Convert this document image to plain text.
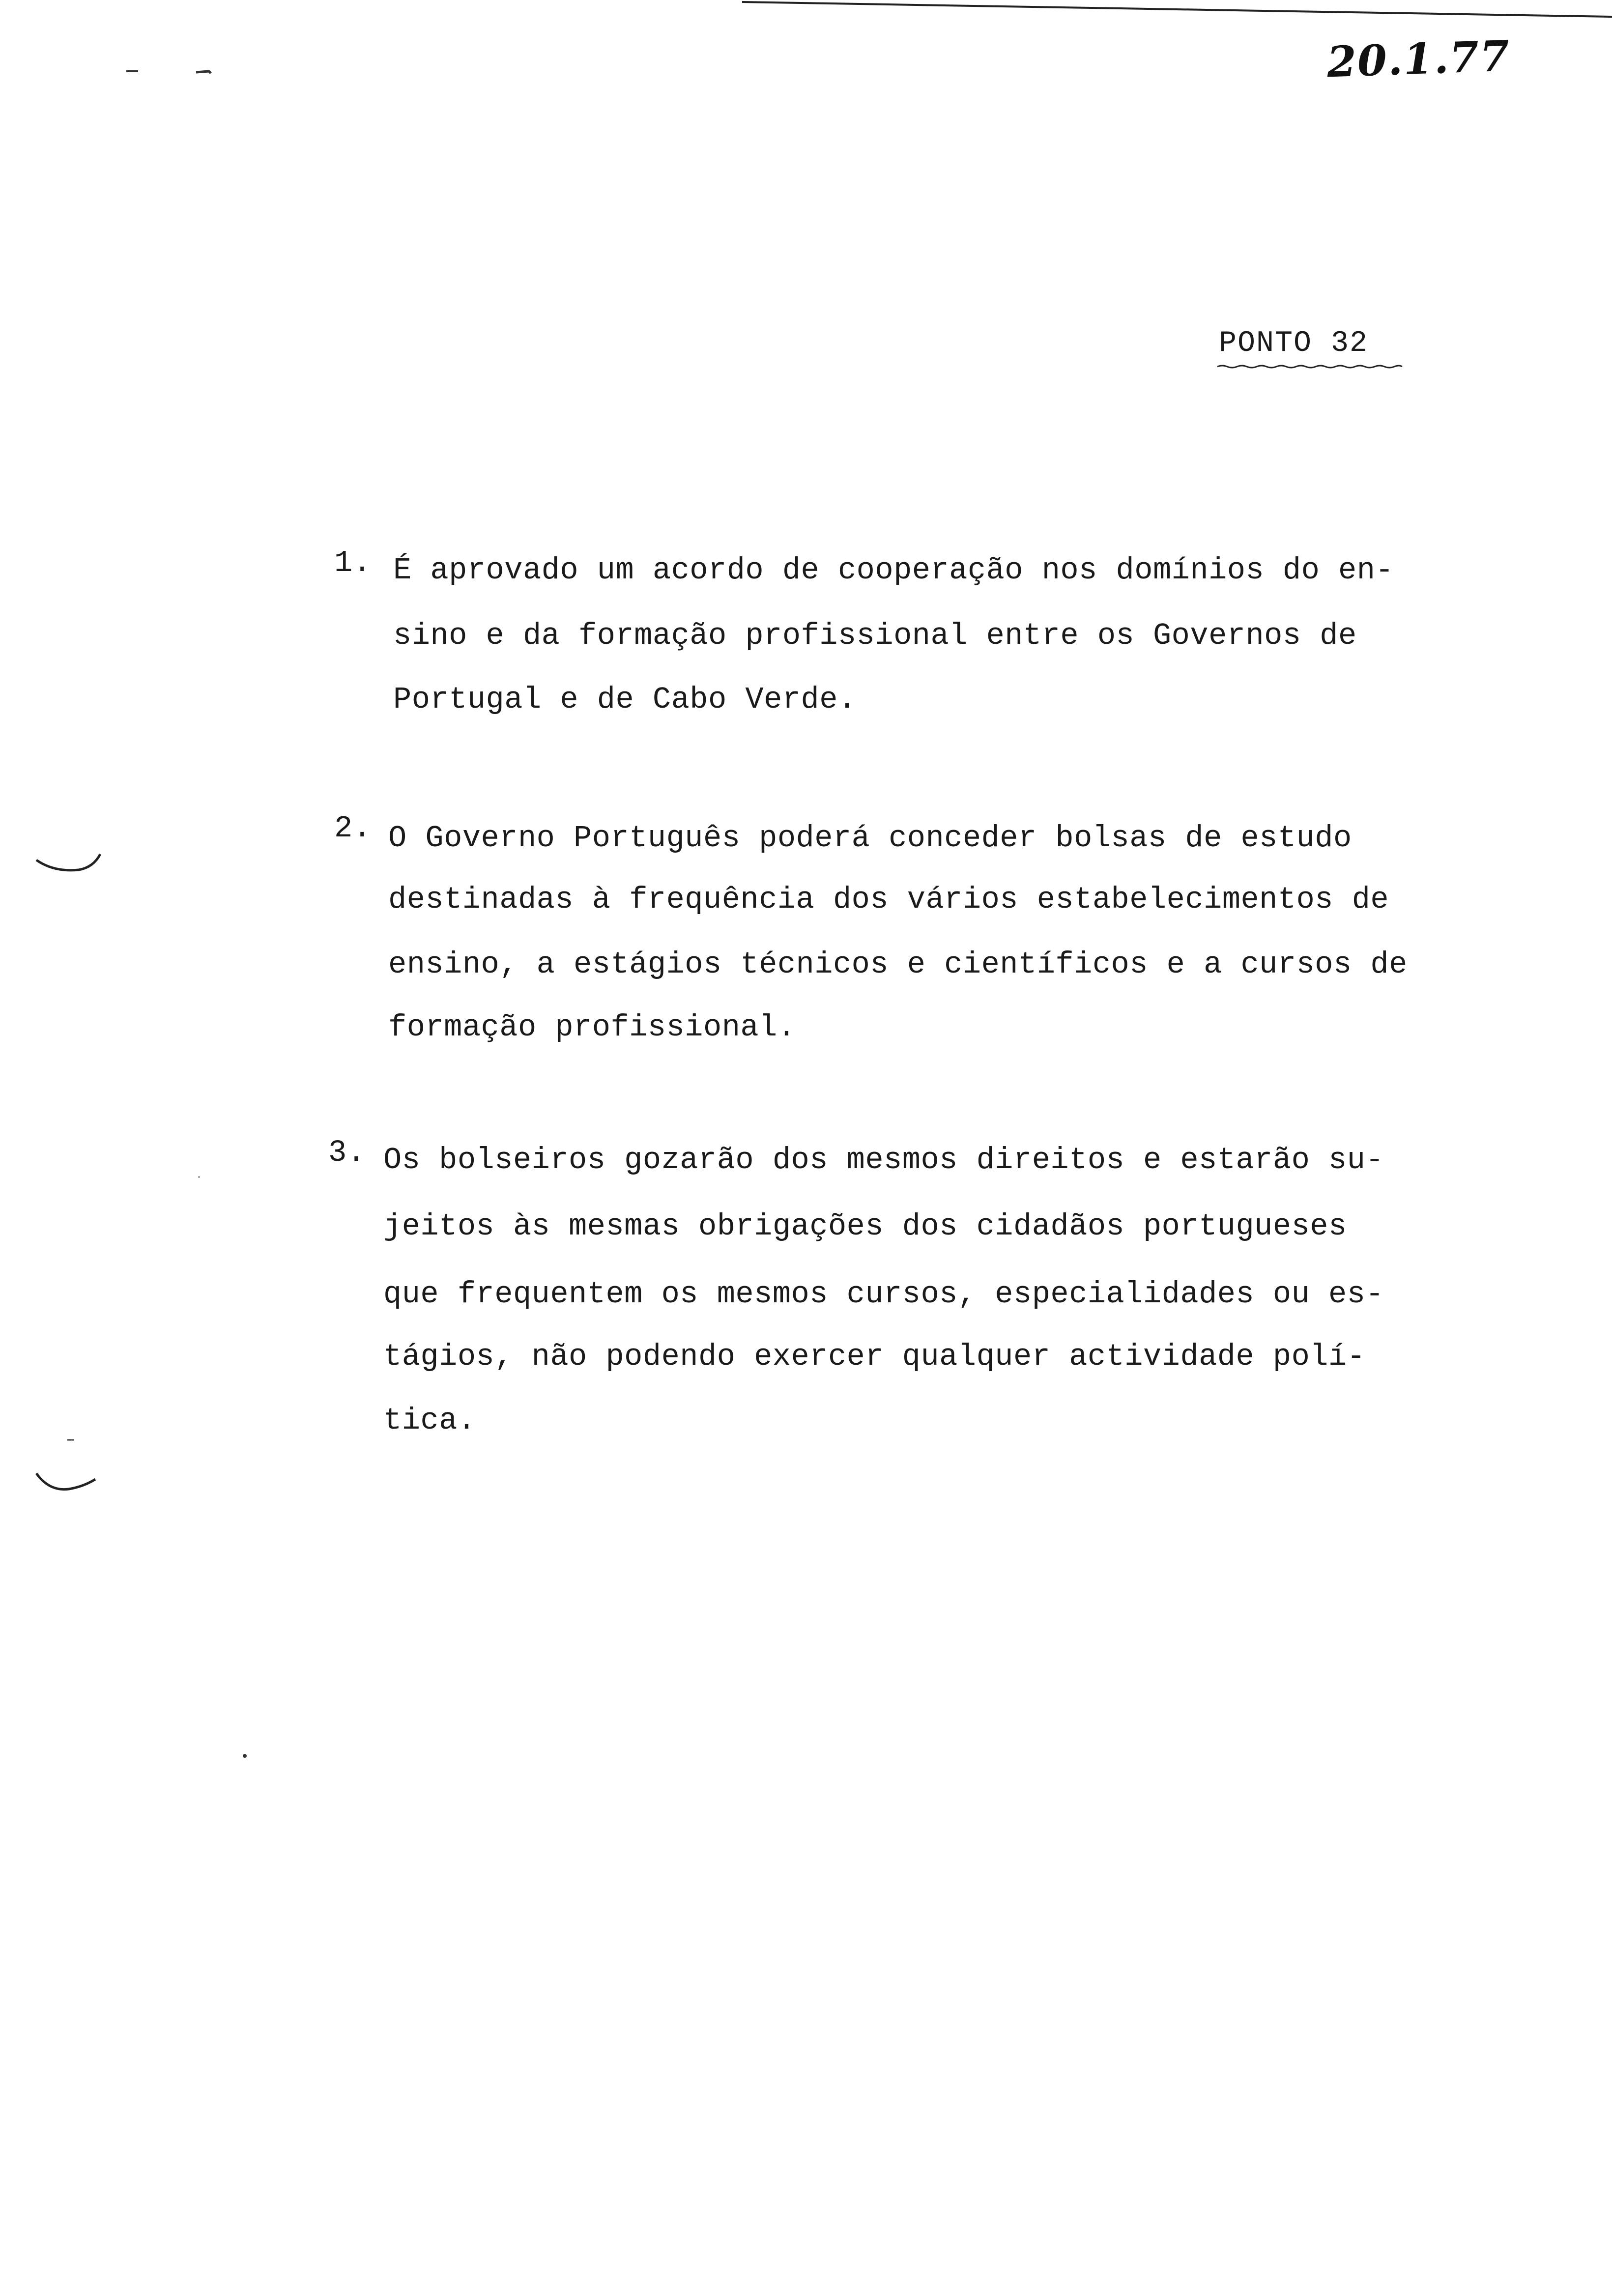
20.1.77
PONTO 32
1. É aprovado um acordo de cooperação nos domínios do en-
sino e da formação profissional entre os Governos de
Portugal e de Cabo Verde.
2. O Governo Português poderá conceder bolsas de estudo
destinadas à frequência dos vários estabelecimentos de
ensino, a estágios técnicos e científicos e a cursos de
formação profissional.
3. Os bolseiros gozarão dos mesmos direitos e estarão su-
jeitos às mesmas obrigações dos cidadãos portugueses
que frequentem os mesmos cursos, especialidades ou es-
tágios, não podendo exercer qualquer actividade polí-
tica.
